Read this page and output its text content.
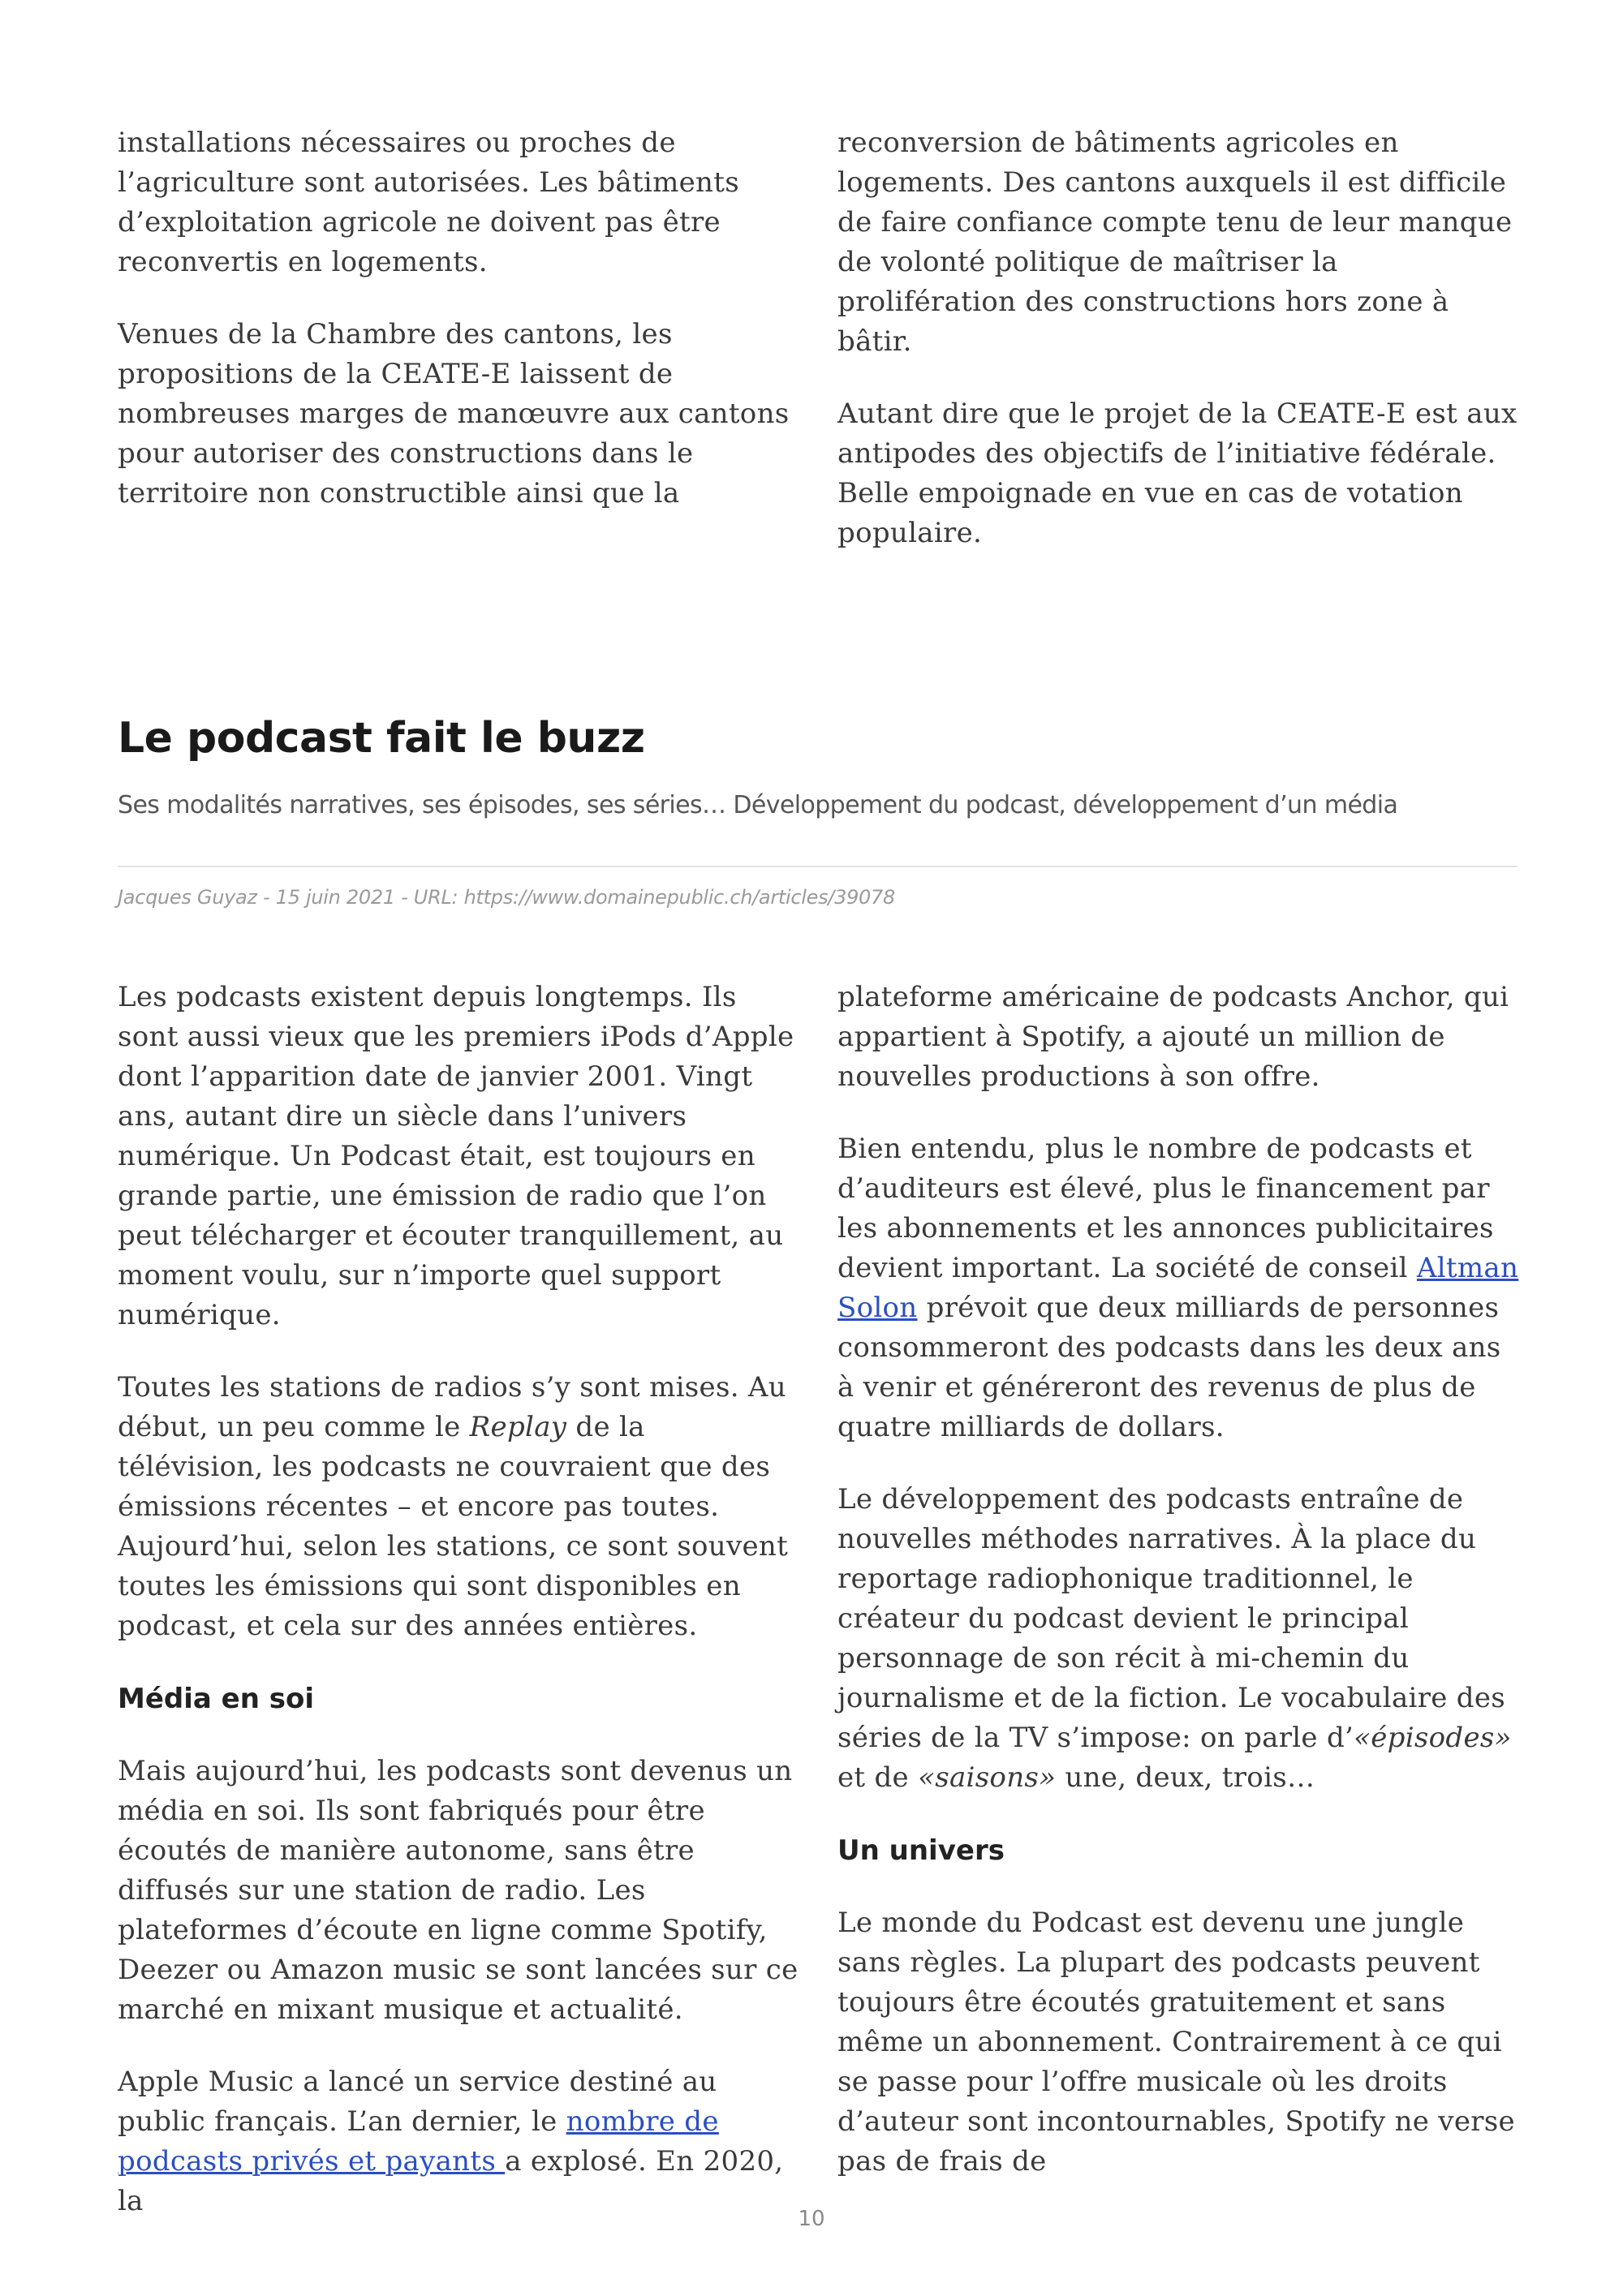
installations nécessaires ou proches de l’agriculture sont autorisées. Les bâtiments d’exploitation agricole ne doivent pas être reconvertis en logements.

Venues de la Chambre des cantons, les propositions de la CEATE-E laissent de nombreuses marges de manœuvre aux cantons pour autoriser des constructions dans le territoire non constructible ainsi que la

reconversion de bâtiments agricoles en logements. Des cantons auxquels il est difficile de faire confiance compte tenu de leur manque de volonté politique de maîtriser la prolifération des constructions hors zone à bâtir.

Autant dire que le projet de la CEATE-E est aux antipodes des objectifs de l’initiative fédérale. Belle empoignade en vue en cas de votation populaire.

Le podcast fait le buzz

Ses modalités narratives, ses épisodes, ses séries… Développement du podcast, développement d’un média

Jacques Guyaz - 15 juin 2021 - URL: https://www.domainepublic.ch/articles/39078

Les podcasts existent depuis longtemps. Ils sont aussi vieux que les premiers iPods d’Apple dont l’apparition date de janvier 2001. Vingt ans, autant dire un siècle dans l’univers numérique. Un Podcast était, est toujours en grande partie, une émission de radio que l’on peut télécharger et écouter tranquillement, au moment voulu, sur n’importe quel support numérique.

Toutes les stations de radios s’y sont mises. Au début, un peu comme le Replay de la télévision, les podcasts ne couvraient que des émissions récentes – et encore pas toutes. Aujourd’hui, selon les stations, ce sont souvent toutes les émissions qui sont disponibles en podcast, et cela sur des années entières.

Média en soi

Mais aujourd’hui, les podcasts sont devenus un média en soi. Ils sont fabriqués pour être écoutés de manière autonome, sans être diffusés sur une station de radio. Les plateformes d’écoute en ligne comme Spotify, Deezer ou Amazon music se sont lancées sur ce marché en mixant musique et actualité.

Apple Music a lancé un service destiné au public français. L’an dernier, le nombre de podcasts privés et payants a explosé. En 2020, la

plateforme américaine de podcasts Anchor, qui appartient à Spotify, a ajouté un million de nouvelles productions à son offre.

Bien entendu, plus le nombre de podcasts et d’auditeurs est élevé, plus le financement par les abonnements et les annonces publicitaires devient important. La société de conseil Altman Solon prévoit que deux milliards de personnes consommeront des podcasts dans les deux ans à venir et généreront des revenus de plus de quatre milliards de dollars.

Le développement des podcasts entraîne de nouvelles méthodes narratives. À la place du reportage radiophonique traditionnel, le créateur du podcast devient le principal personnage de son récit à mi-chemin du journalisme et de la fiction. Le vocabulaire des séries de la TV s’impose: on parle d’«épisodes» et de «saisons» une, deux, trois…

Un univers

Le monde du Podcast est devenu une jungle sans règles. La plupart des podcasts peuvent toujours être écoutés gratuitement et sans même un abonnement. Contrairement à ce qui se passe pour l’offre musicale où les droits d’auteur sont incontournables, Spotify ne verse pas de frais de

10
